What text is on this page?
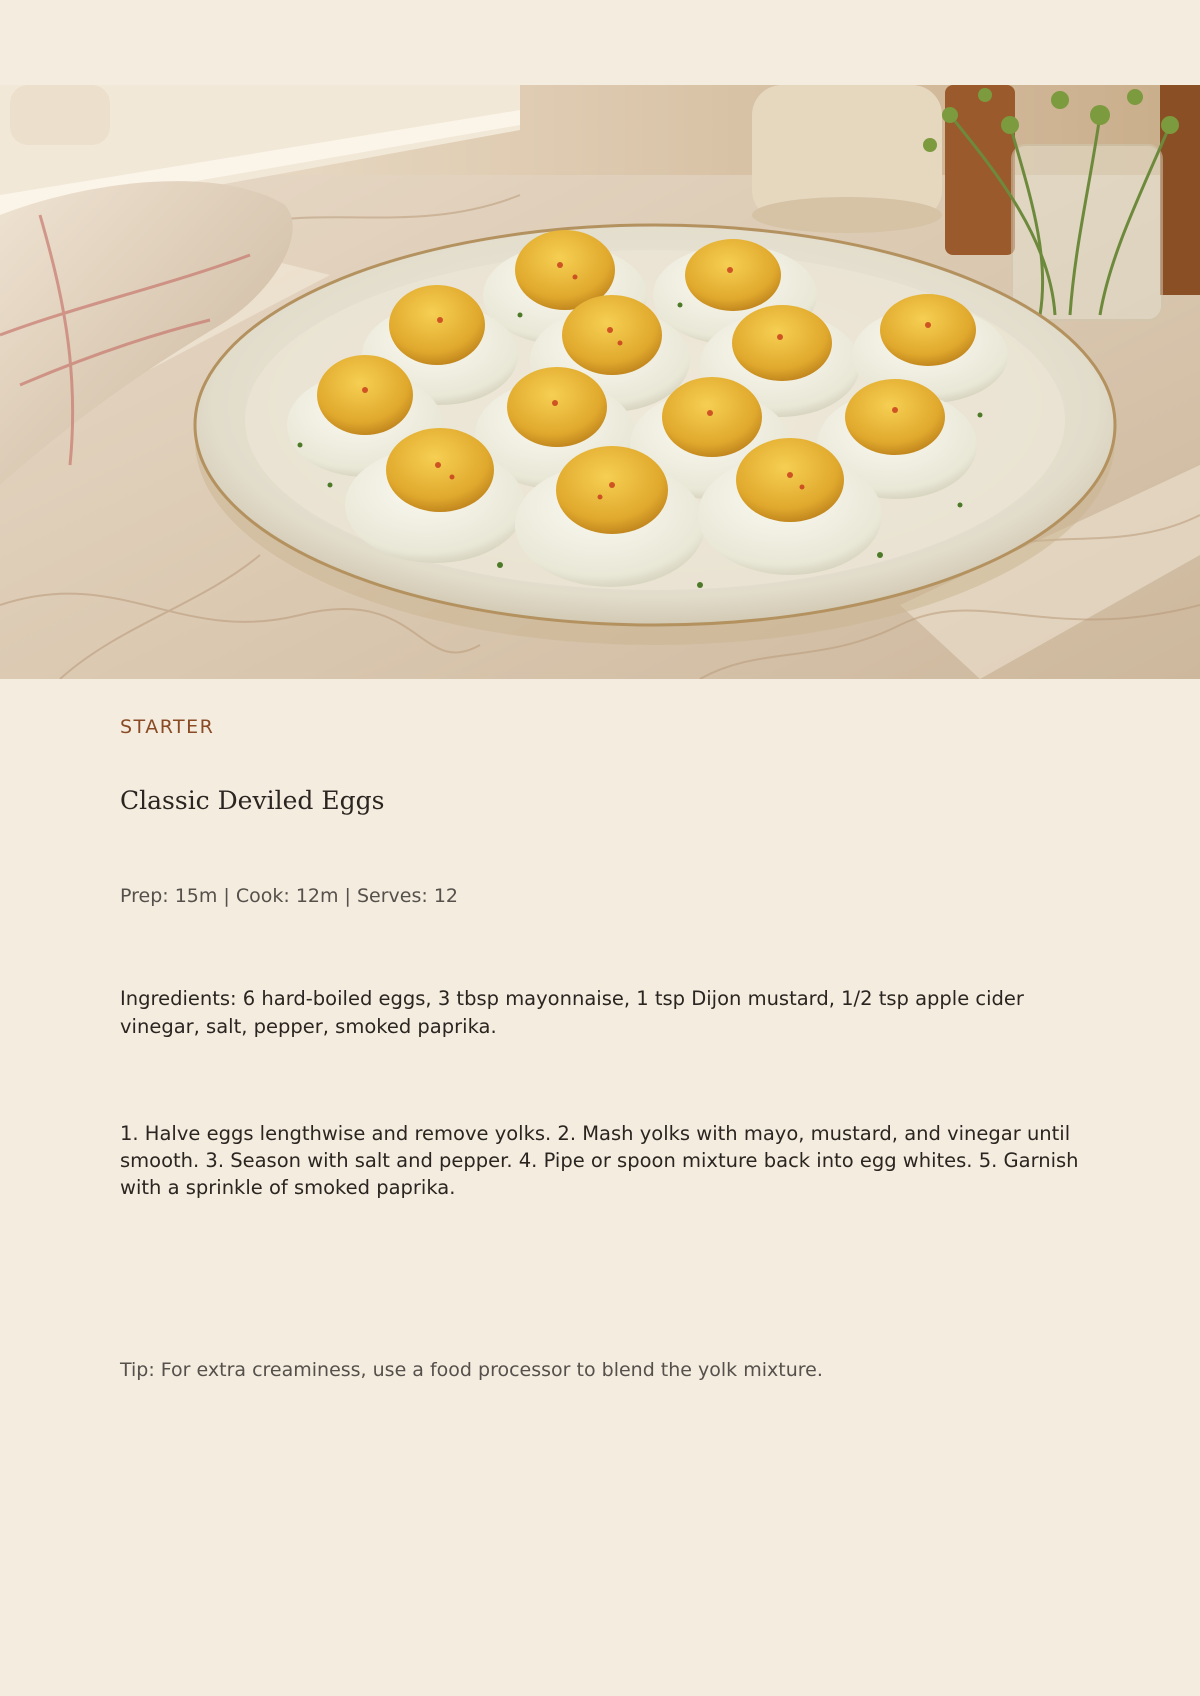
STARTER
Classic Deviled Eggs
Prep: 15m | Cook: 12m | Serves: 12
Ingredients: 6 hard-boiled eggs, 3 tbsp mayonnaise, 1 tsp Dijon mustard, 1/2 tsp apple cider vinegar, salt, pepper, smoked paprika.
1. Halve eggs lengthwise and remove yolks. 2. Mash yolks with mayo, mustard, and vinegar until smooth. 3. Season with salt and pepper. 4. Pipe or spoon mixture back into egg whites. 5. Garnish with a sprinkle of smoked paprika.
Tip: For extra creaminess, use a food processor to blend the yolk mixture.
